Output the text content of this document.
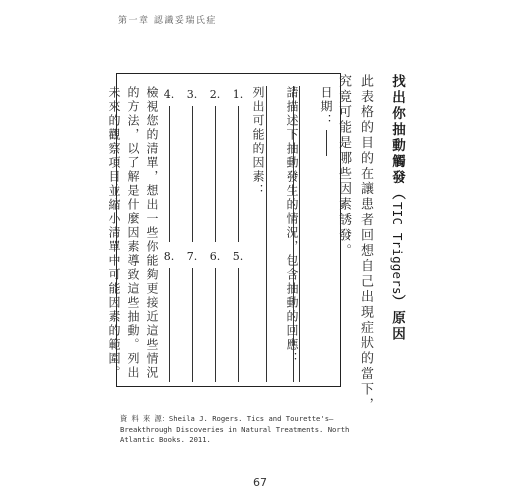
第一章 認識妥瑞氏症
找出你抽動觸發（TIC Triggers）原因
此表格的目的在讓患者回想自己出現症狀的當下，究竟可能是哪些因素誘發。
日期：
請描述下抽動發生的情況，包含抽動的回應：
列出可能的因素：
1.
5.
2.
6.
3.
7.
4.
8.
檢視您的清單，想出一些你能夠更接近這些情況的方法，以了解是什麼因素導致這些抽動。列出未來的觀察項目並縮小清單中可能因素的範圍。
資 料 來 源：Sheila J. Rogers. Tics and Tourette's—Breakthrough Discoveries in Natural Treatments. North Atlantic Books. 2011.
67
